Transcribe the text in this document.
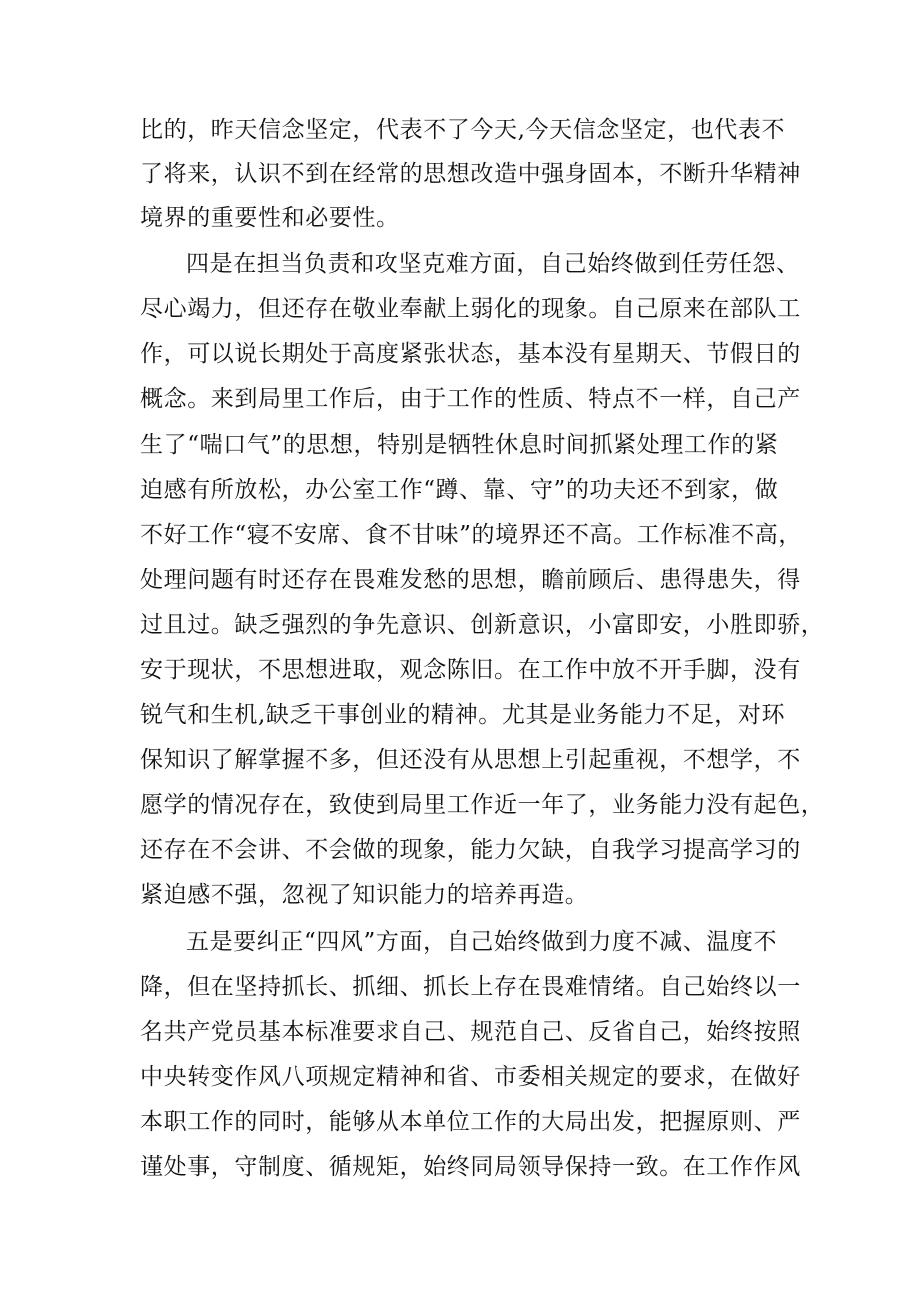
比的，昨天信念坚定，代表不了今天,今天信念坚定，也代表不
了将来，认识不到在经常的思想改造中强身固本，不断升华精神
境界的重要性和必要性。
四是在担当负责和攻坚克难方面，自己始终做到任劳任怨、
尽心竭力，但还存在敬业奉献上弱化的现象。自己原来在部队工
作，可以说长期处于高度紧张状态，基本没有星期天、节假日的
概念。来到局里工作后，由于工作的性质、特点不一样，自己产
生了“喘口气”的思想，特别是牺牲休息时间抓紧处理工作的紧
迫感有所放松，办公室工作“蹲、靠、守”的功夫还不到家，做
不好工作“寝不安席、食不甘味”的境界还不高。工作标准不高，
处理问题有时还存在畏难发愁的思想，瞻前顾后、患得患失，得
过且过。缺乏强烈的争先意识、创新意识，小富即安，小胜即骄，
安于现状，不思想进取，观念陈旧。在工作中放不开手脚，没有
锐气和生机,缺乏干事创业的精神。尤其是业务能力不足，对环
保知识了解掌握不多，但还没有从思想上引起重视，不想学，不
愿学的情况存在，致使到局里工作近一年了，业务能力没有起色，
还存在不会讲、不会做的现象，能力欠缺，自我学习提高学习的
紧迫感不强，忽视了知识能力的培养再造。
五是要纠正“四风”方面，自己始终做到力度不减、温度不
降，但在坚持抓长、抓细、抓长上存在畏难情绪。自己始终以一
名共产党员基本标准要求自己、规范自己、反省自己，始终按照
中央转变作风八项规定精神和省、市委相关规定的要求，在做好
本职工作的同时，能够从本单位工作的大局出发，把握原则、严
谨处事，守制度、循规矩，始终同局领导保持一致。在工作作风
